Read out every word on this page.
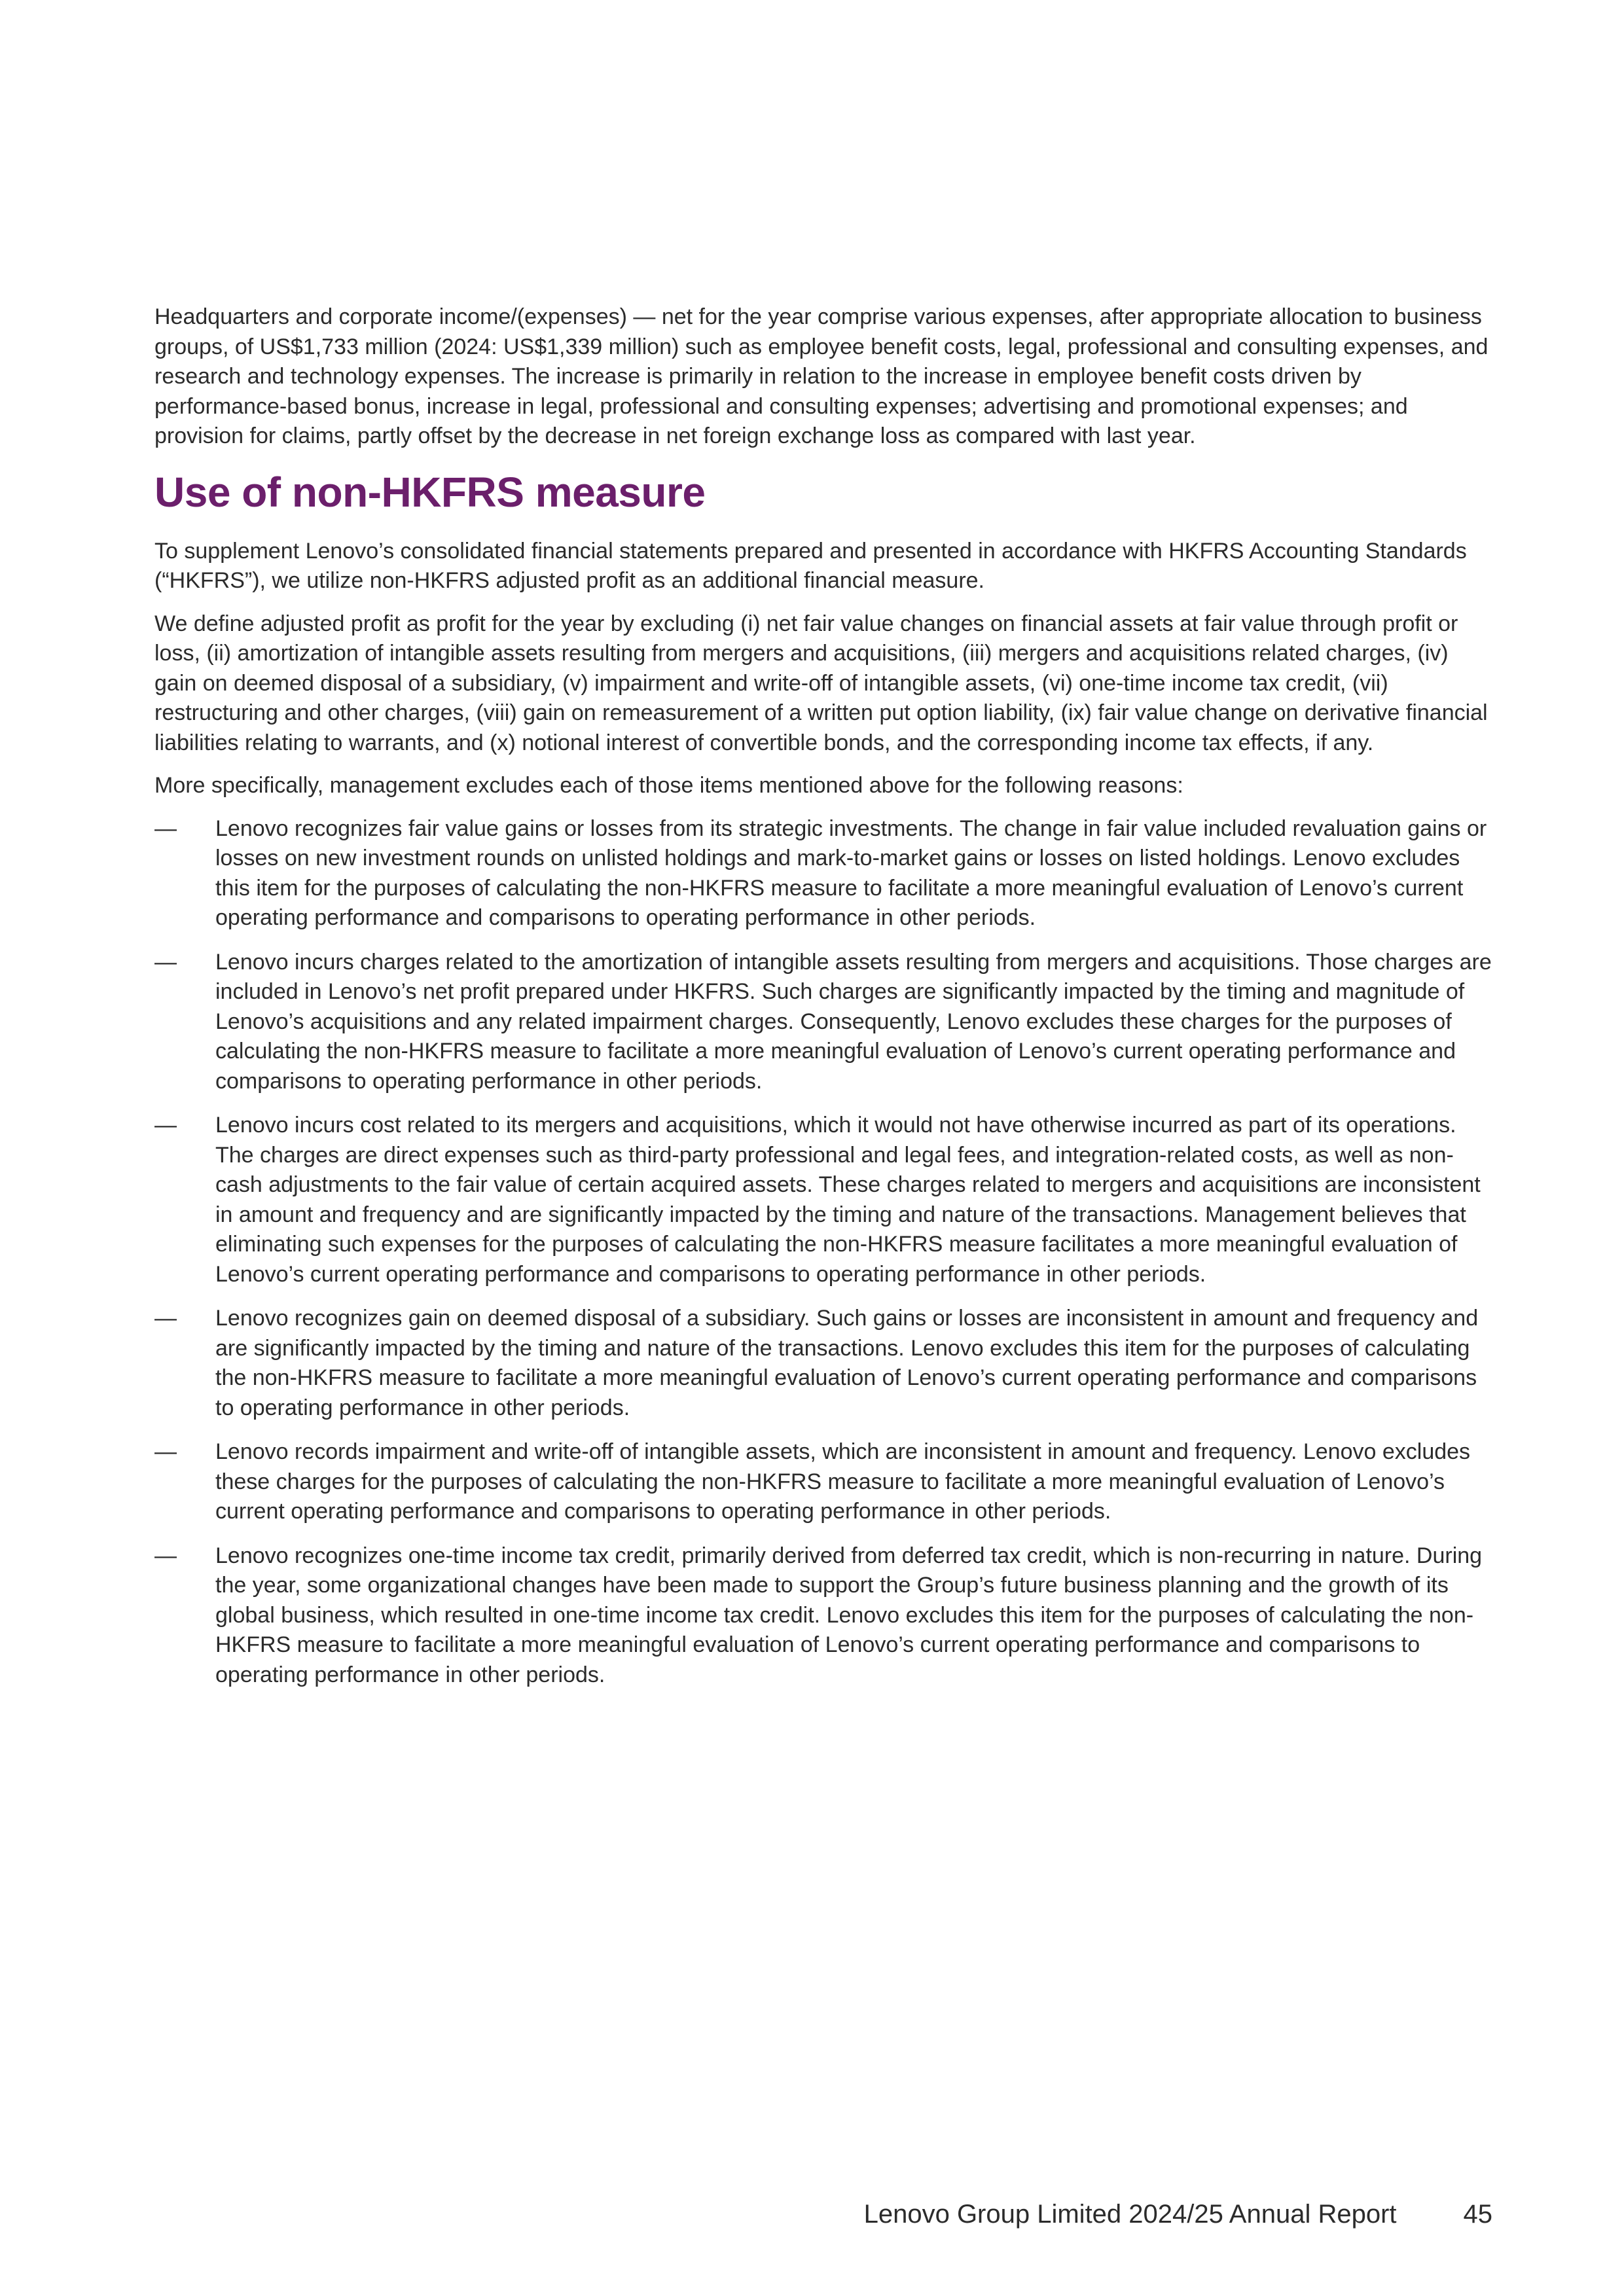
Headquarters and corporate income/(expenses) — net for the year comprise various expenses, after appropriate allocation to business groups, of US$1,733 million (2024: US$1,339 million) such as employee benefit costs, legal, professional and consulting expenses, and research and technology expenses. The increase is primarily in relation to the increase in employee benefit costs driven by performance-based bonus, increase in legal, professional and consulting expenses; advertising and promotional expenses; and provision for claims, partly offset by the decrease in net foreign exchange loss as compared with last year.

Use of non-HKFRS measure

To supplement Lenovo’s consolidated financial statements prepared and presented in accordance with HKFRS Accounting Standards (“HKFRS”), we utilize non-HKFRS adjusted profit as an additional financial measure.

We define adjusted profit as profit for the year by excluding (i) net fair value changes on financial assets at fair value through profit or loss, (ii) amortization of intangible assets resulting from mergers and acquisitions, (iii) mergers and acquisitions related charges, (iv) gain on deemed disposal of a subsidiary, (v) impairment and write-off of intangible assets, (vi) one-time income tax credit, (vii) restructuring and other charges, (viii) gain on remeasurement of a written put option liability, (ix) fair value change on derivative financial liabilities relating to warrants, and (x) notional interest of convertible bonds, and the corresponding income tax effects, if any.

More specifically, management excludes each of those items mentioned above for the following reasons:

— Lenovo recognizes fair value gains or losses from its strategic investments. The change in fair value included revaluation gains or losses on new investment rounds on unlisted holdings and mark-to-market gains or losses on listed holdings. Lenovo excludes this item for the purposes of calculating the non-HKFRS measure to facilitate a more meaningful evaluation of Lenovo’s current operating performance and comparisons to operating performance in other periods.
— Lenovo incurs charges related to the amortization of intangible assets resulting from mergers and acquisitions. Those charges are included in Lenovo’s net profit prepared under HKFRS. Such charges are significantly impacted by the timing and magnitude of Lenovo’s acquisitions and any related impairment charges. Consequently, Lenovo excludes these charges for the purposes of calculating the non-HKFRS measure to facilitate a more meaningful evaluation of Lenovo’s current operating performance and comparisons to operating performance in other periods.
— Lenovo incurs cost related to its mergers and acquisitions, which it would not have otherwise incurred as part of its operations. The charges are direct expenses such as third-party professional and legal fees, and integration-related costs, as well as non-cash adjustments to the fair value of certain acquired assets. These charges related to mergers and acquisitions are inconsistent in amount and frequency and are significantly impacted by the timing and nature of the transactions. Management believes that eliminating such expenses for the purposes of calculating the non-HKFRS measure facilitates a more meaningful evaluation of Lenovo’s current operating performance and comparisons to operating performance in other periods.
— Lenovo recognizes gain on deemed disposal of a subsidiary. Such gains or losses are inconsistent in amount and frequency and are significantly impacted by the timing and nature of the transactions. Lenovo excludes this item for the purposes of calculating the non-HKFRS measure to facilitate a more meaningful evaluation of Lenovo’s current operating performance and comparisons to operating performance in other periods.
— Lenovo records impairment and write-off of intangible assets, which are inconsistent in amount and frequency. Lenovo excludes these charges for the purposes of calculating the non-HKFRS measure to facilitate a more meaningful evaluation of Lenovo’s current operating performance and comparisons to operating performance in other periods.
— Lenovo recognizes one-time income tax credit, primarily derived from deferred tax credit, which is non-recurring in nature. During the year, some organizational changes have been made to support the Group’s future business planning and the growth of its global business, which resulted in one-time income tax credit. Lenovo excludes this item for the purposes of calculating the non-HKFRS measure to facilitate a more meaningful evaluation of Lenovo’s current operating performance and comparisons to operating performance in other periods.
Lenovo Group Limited 2024/25 Annual Report	45
